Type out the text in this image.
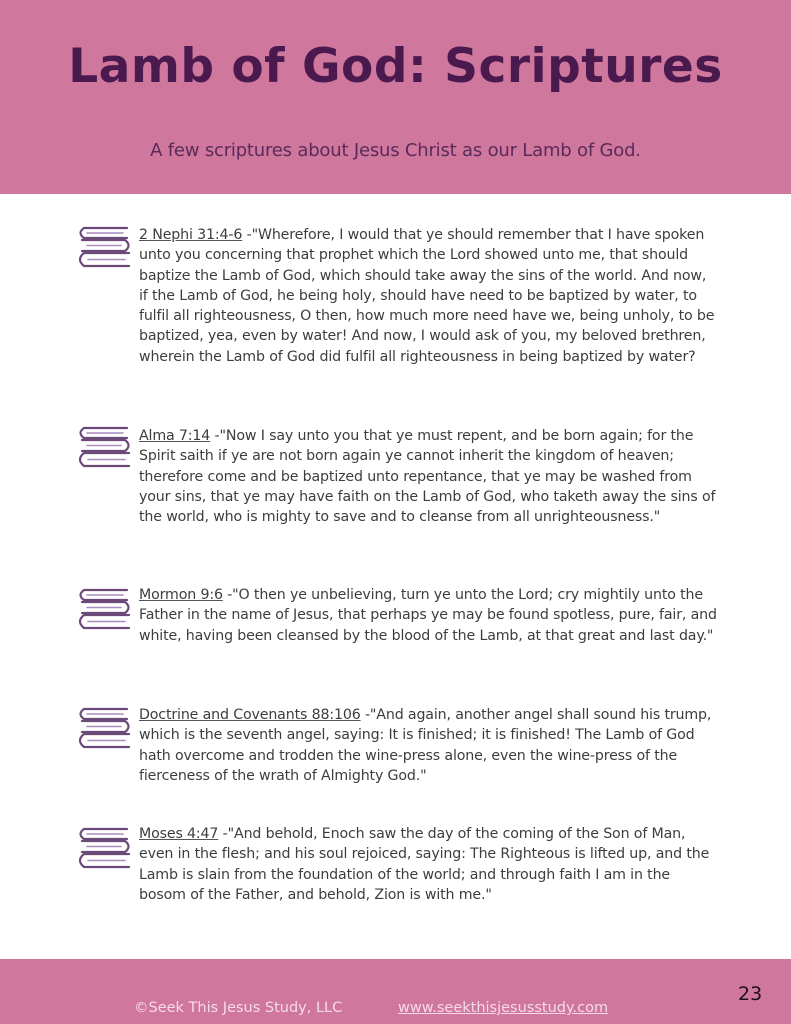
Lamb of God: Scriptures
A few scriptures about Jesus Christ as our Lamb of God.
2 Nephi 31:4-6 -"Wherefore, I would that ye should remember that I have spoken unto you concerning that prophet which the Lord showed unto me, that should baptize the Lamb of God, which should take away the sins of the world. And now, if the Lamb of God, he being holy, should have need to be baptized by water, to fulfil all righteousness, O then, how much more need have we, being unholy, to be baptized, yea, even by water! And now, I would ask of you, my beloved brethren, wherein the Lamb of God did fulfil all righteousness in being baptized by water?
Alma 7:14 -"Now I say unto you that ye must repent, and be born again; for the Spirit saith if ye are not born again ye cannot inherit the kingdom of heaven; therefore come and be baptized unto repentance, that ye may be washed from your sins, that ye may have faith on the Lamb of God, who taketh away the sins of the world, who is mighty to save and to cleanse from all unrighteousness."
Mormon 9:6 -"O then ye unbelieving, turn ye unto the Lord; cry mightily unto the Father in the name of Jesus, that perhaps ye may be found spotless, pure, fair, and white, having been cleansed by the blood of the Lamb, at that great and last day."
Doctrine and Covenants 88:106 -"And again, another angel shall sound his trump, which is the seventh angel, saying: It is finished; it is finished! The Lamb of God hath overcome and trodden the wine-press alone, even the wine-press of the fierceness of the wrath of Almighty God."
Moses 4:47 -"And behold, Enoch saw the day of the coming of the Son of Man, even in the flesh; and his soul rejoiced, saying: The Righteous is lifted up, and the Lamb is slain from the foundation of the world; and through faith I am in the bosom of the Father, and behold, Zion is with me."
©Seek This Jesus Study, LLC	www.seekthisjesusstudy.com
23
